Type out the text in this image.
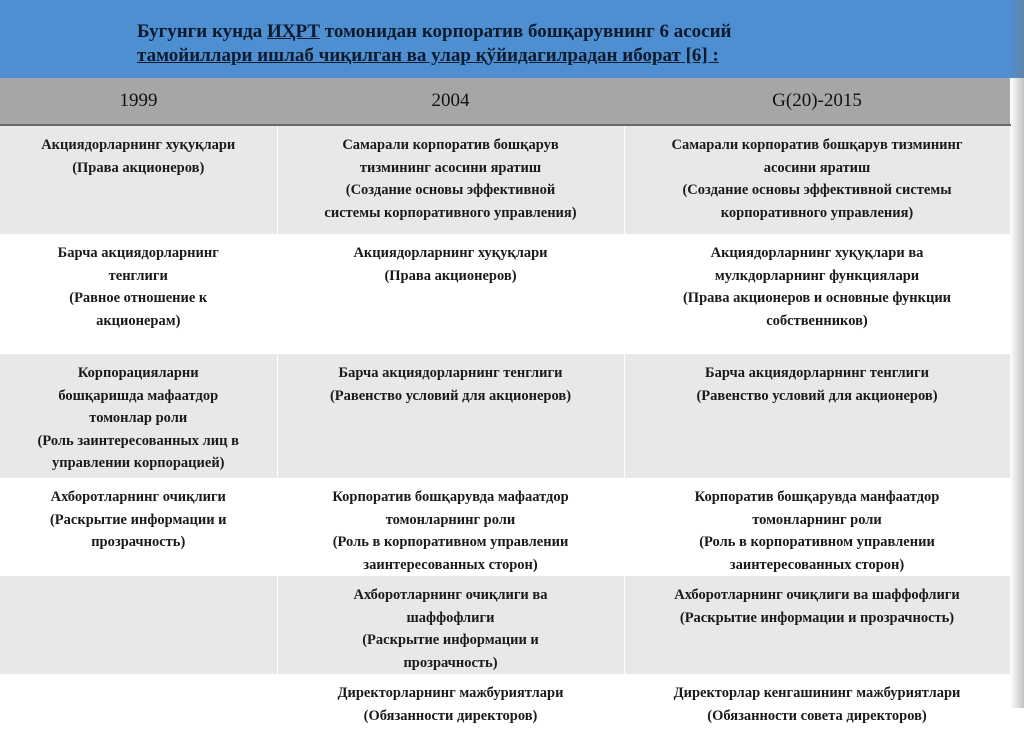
Бугунги кунда ИҲРТ томонидан корпоратив бошқарувнинг 6 асосий
тамойиллари ишлаб чиқилган ва улар қўйидагилрадан иборат [6] :
1999	2004	G(20)-2015

Акциядорларнинг хуқуқлари
(Права акционеров)	Самарали корпоратив бошқарув
тизмининг асосини яратиш
(Создание основы эффективной
системы корпоративного управления)	Самарали корпоратив бошқарув тизмининг
асосини яратиш
(Создание основы эффективной системы
корпоративного управления)

Барча акциядорларнинг
тенглиги
(Равное отношение к
акционерам)	Акциядорларнинг хуқуқлари
(Права акционеров)	Акциядорларнинг хуқуқлари ва
мулкдорларнинг функциялари
(Права акционеров и основные функции
собственников)

Корпорацияларни
бошқаришда мафаатдор
томонлар роли
(Роль заинтересованных лиц в
управлении корпорацией)	Барча акциядорларнинг тенглиги
(Равенство условий для акционеров)	Барча акциядорларнинг тенглиги
(Равенство условий для акционеров)

Ахборотларнинг очиқлиги
(Раскрытие информации и
прозрачность)	Корпоратив бошқарувда мафаатдор
томонларнинг роли
(Роль в корпоративном управлении
заинтересованных сторон)	Корпоратив бошқарувда манфаатдор
томонларнинг роли
(Роль в корпоративном управлении
заинтересованных сторон)

	Ахборотларнинг очиқлиги ва
шаффофлиги
(Раскрытие информации и
прозрачность)	Ахборотларнинг очиқлиги ва шаффофлиги
(Раскрытие информации и прозрачность)

	Директорларнинг мажбуриятлари
(Обязанности директоров)	Директорлар кенгашининг мажбуриятлари
(Обязанности совета директоров)
